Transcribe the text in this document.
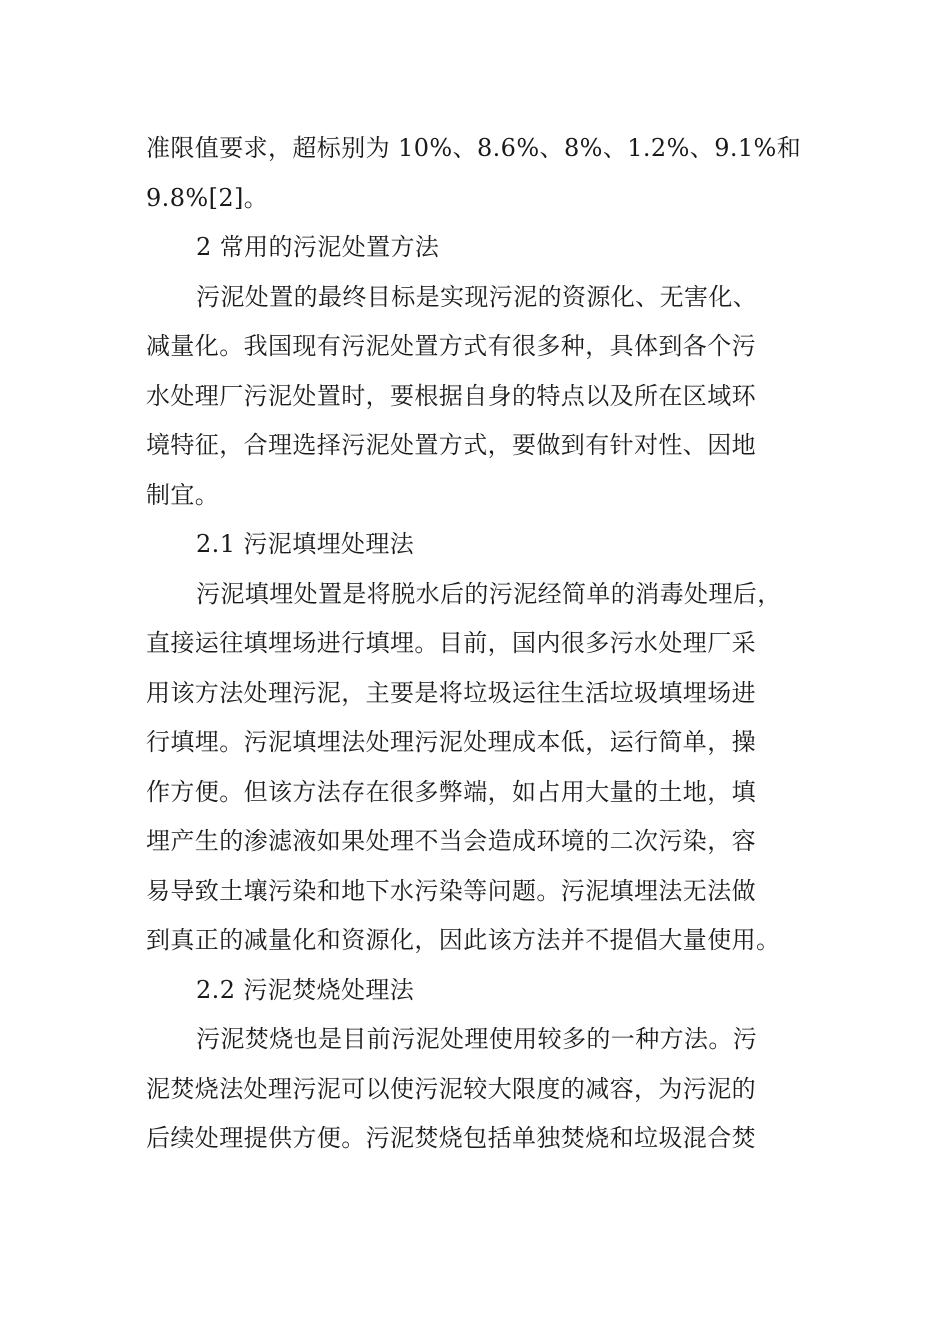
准限值要求，超标别为 10%、8.6%、8%、1.2%、9.1%和
9.8%[2]。
2 常用的污泥处置方法
污泥处置的最终目标是实现污泥的资源化、无害化、
减量化。我国现有污泥处置方式有很多种，具体到各个污
水处理厂污泥处置时，要根据自身的特点以及所在区域环
境特征，合理选择污泥处置方式，要做到有针对性、因地
制宜。
2.1 污泥填埋处理法
污泥填埋处置是将脱水后的污泥经简单的消毒处理后，
直接运往填埋场进行填埋。目前，国内很多污水处理厂采
用该方法处理污泥，主要是将垃圾运往生活垃圾填埋场进
行填埋。污泥填埋法处理污泥处理成本低，运行简单，操
作方便。但该方法存在很多弊端，如占用大量的土地，填
埋产生的渗滤液如果处理不当会造成环境的二次污染，容
易导致土壤污染和地下水污染等问题。污泥填埋法无法做
到真正的减量化和资源化，因此该方法并不提倡大量使用。
2.2 污泥焚烧处理法
污泥焚烧也是目前污泥处理使用较多的一种方法。污
泥焚烧法处理污泥可以使污泥较大限度的减容，为污泥的
后续处理提供方便。污泥焚烧包括单独焚烧和垃圾混合焚
